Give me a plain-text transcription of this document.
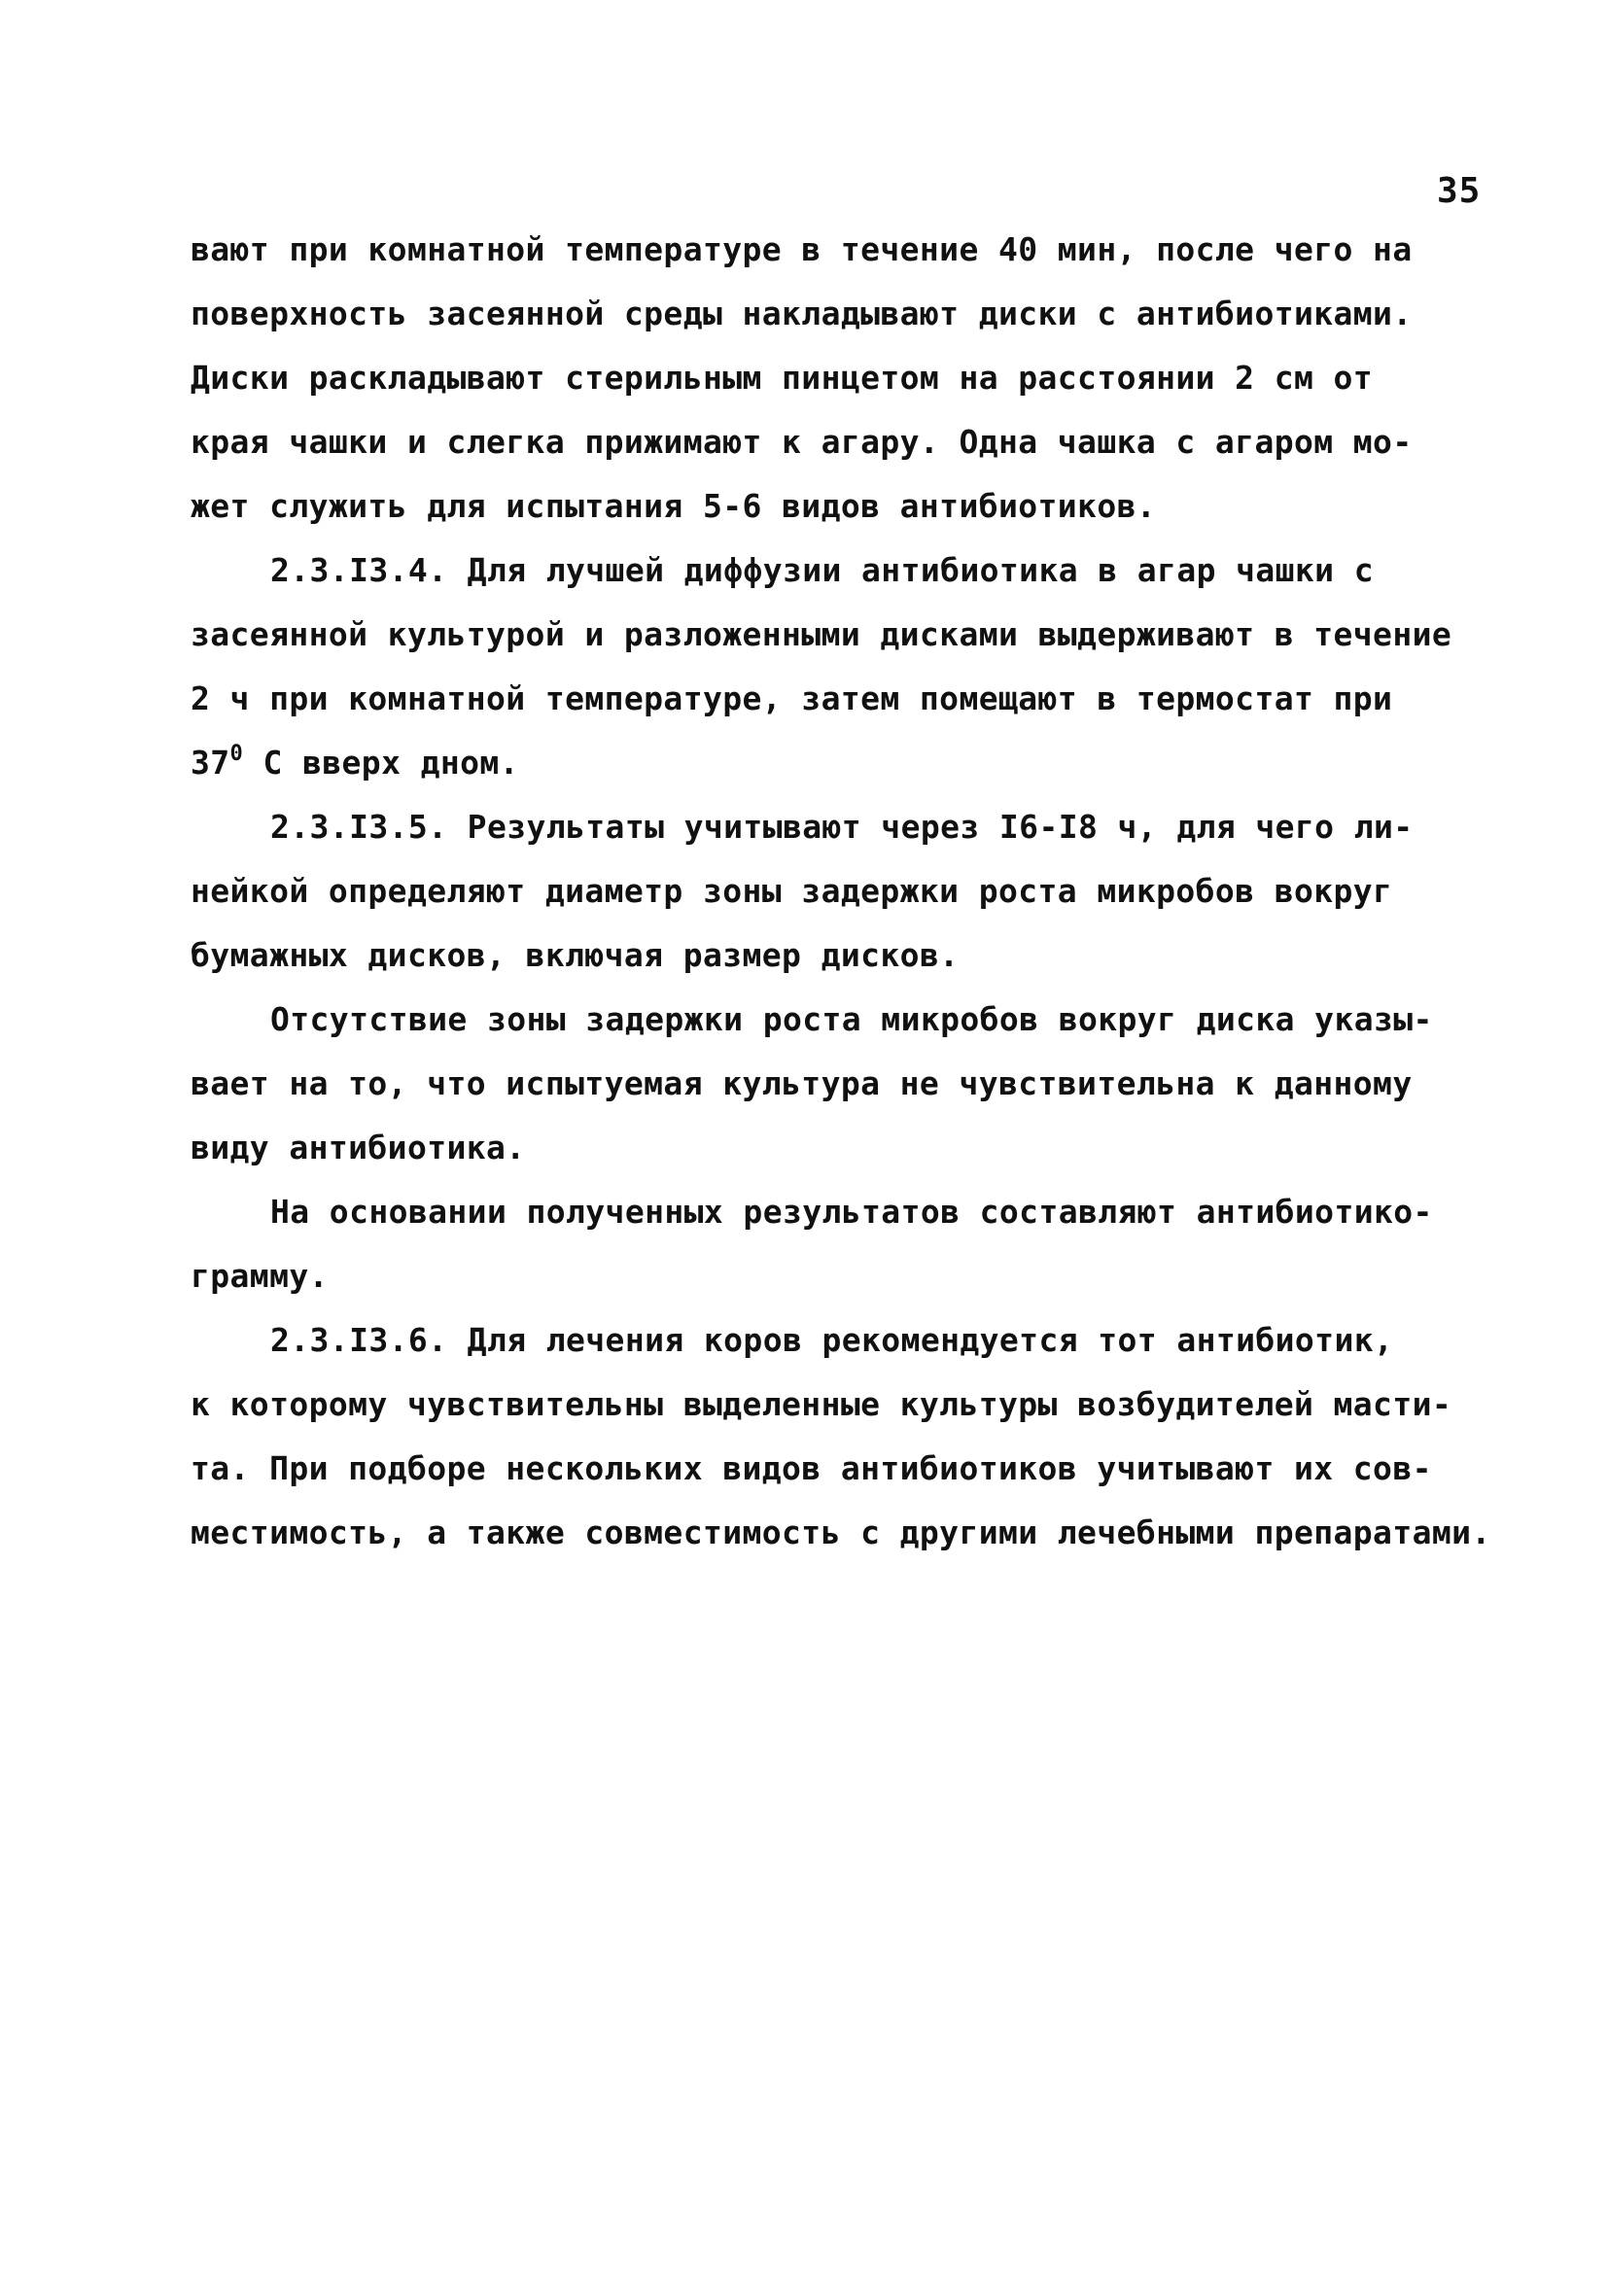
35
вают при комнатной температуре в течение 40 мин, после чего на
поверхность засеянной среды накладывают диски с антибиотиками.
Диски раскладывают стерильным пинцетом на расстоянии 2 см от
края чашки и слегка прижимают к агару. Одна чашка с агаром мо-
жет служить для испытания 5-6 видов антибиотиков.
2.3.I3.4. Для лучшей диффузии антибиотика в агар чашки с
засеянной культурой и разложенными дисками выдерживают в течение
2 ч при комнатной температуре, затем помещают в термостат при
$37^0$ С вверх дном.
2.3.I3.5. Результаты учитывают через I6-I8 ч, для чего ли-
нейкой определяют диаметр зоны задержки роста микробов вокруг
бумажных дисков, включая размер дисков.
Отсутствие зоны задержки роста микробов вокруг диска указы-
вает на то, что испытуемая культура не чувствительна к данному
виду антибиотика.
На основании полученных результатов составляют антибиотико-
грамму.
2.3.I3.6. Для лечения коров рекомендуется тот антибиотик,
к которому чувствительны выделенные культуры возбудителей масти-
та. При подборе нескольких видов антибиотиков учитывают их сов-
местимость, а также совместимость с другими лечебными препаратами.
